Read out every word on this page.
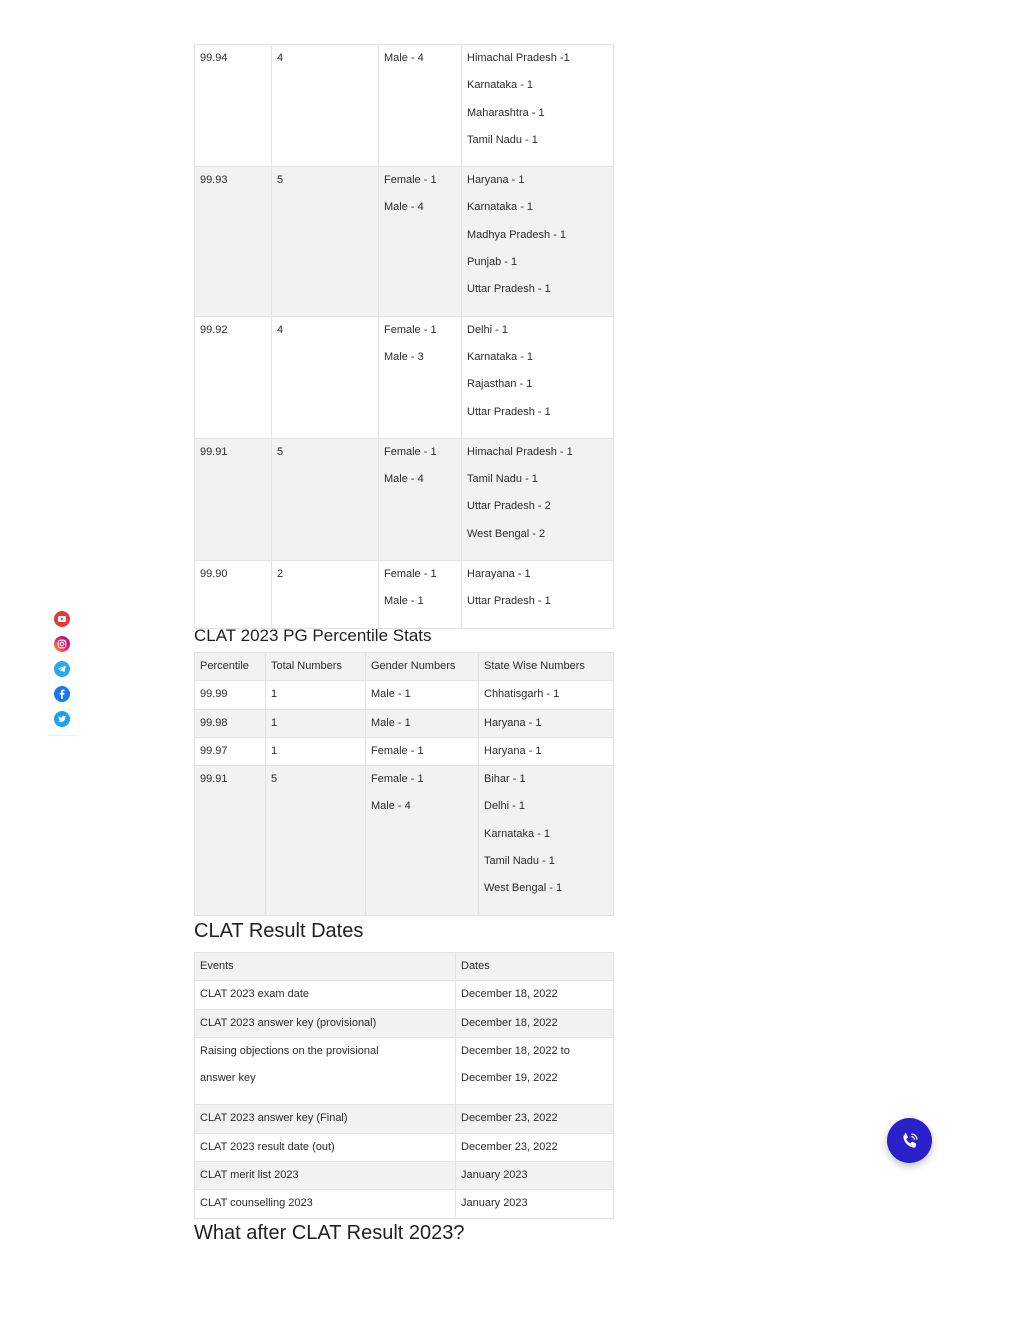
99.94	4	Male - 4	Himachal Pradesh -1
Karnataka - 1
Maharashtra - 1
Tamil Nadu - 1

99.93	5	Female - 1
Male - 4	Haryana - 1
Karnataka - 1
Madhya Pradesh - 1
Punjab - 1
Uttar Pradesh - 1

99.92	4	Female - 1
Male - 3	Delhi - 1
Karnataka - 1
Rajasthan - 1
Uttar Pradesh - 1

99.91	5	Female - 1
Male - 4	Himachal Pradesh - 1
Tamil Nadu - 1
Uttar Pradesh - 2
West Bengal - 2

99.90	2	Female - 1
Male - 1	Harayana - 1
Uttar Pradesh - 1
CLAT 2023 PG Percentile Stats
Percentile	Total Numbers	Gender Numbers	State Wise Numbers

99.99	1	Male - 1	Chhatisgarh - 1

99.98	1	Male - 1	Haryana - 1

99.97	1	Female - 1	Haryana - 1

99.91	5	Female - 1
Male - 4	Bihar - 1
Delhi - 1
Karnataka - 1
Tamil Nadu - 1
West Bengal - 1
CLAT Result Dates
Events	Dates

CLAT 2023 exam date	December 18, 2022

CLAT 2023 answer key (provisional)	December 18, 2022

Raising objections on the provisional
answer key	December 18, 2022 to
December 19, 2022

CLAT 2023 answer key (Final)	December 23, 2022

CLAT 2023 result date (out)	December 23, 2022

CLAT merit list 2023	January 2023

CLAT counselling 2023	January 2023
What after CLAT Result 2023?
